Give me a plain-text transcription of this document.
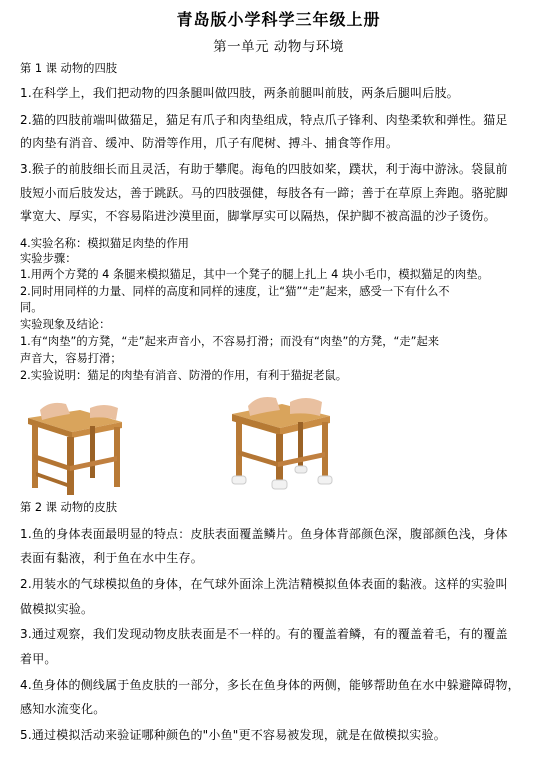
青岛版小学科学三年级上册
第一单元 动物与环境
第 1 课 动物的四肢
1.在科学上，我们把动物的四条腿叫做四肢，两条前腿叫前肢，两条后腿叫后肢。
2.猫的四肢前端叫做猫足，猫足有爪子和肉垫组成，特点爪子锋利、肉垫柔软和弹性。猫足
的肉垫有消音、缓冲、防滑等作用，爪子有爬树、搏斗、捕食等作用。
3.猴子的前肢细长而且灵活，有助于攀爬。海龟的四肢如桨，蹼状，利于海中游泳。袋鼠前
肢短小而后肢发达，善于跳跃。马的四肢强健，每肢各有一蹄；善于在草原上奔跑。骆驼脚
掌宽大、厚实，不容易陷进沙漠里面，脚掌厚实可以隔热，保护脚不被高温的沙子烫伤。
4.实验名称：模拟猫足肉垫的作用
实验步骤：
1.用两个方凳的 4 条腿来模拟猫足，其中一个凳子的腿上扎上 4 块小毛巾，模拟猫足的肉垫。
2.同时用同样的力量、同样的高度和同样的速度，让“猫”“走”起来，感受一下有什么不
同。
实验现象及结论：
1.有“肉垫”的方凳，“走”起来声音小，不容易打滑；而没有“肉垫”的方凳，“走”起来
声音大，容易打滑；
2.实验说明：猫足的肉垫有消音、防滑的作用，有利于猫捉老鼠。
第 2 课 动物的皮肤
1.鱼的身体表面最明显的特点：皮肤表面覆盖鳞片。鱼身体背部颜色深，腹部颜色浅，身体
表面有黏液，利于鱼在水中生存。
2.用装水的气球模拟鱼的身体，在气球外面涂上洗洁精模拟鱼体表面的黏液。这样的实验叫
做模拟实验。
3.通过观察，我们发现动物皮肤表面是不一样的。有的覆盖着鳞，有的覆盖着毛，有的覆盖
着甲。
4.鱼身体的侧线属于鱼皮肤的一部分，多长在鱼身体的两侧，能够帮助鱼在水中躲避障碍物，
感知水流变化。
5.通过模拟活动来验证哪种颜色的"小鱼"更不容易被发现，就是在做模拟实验。
